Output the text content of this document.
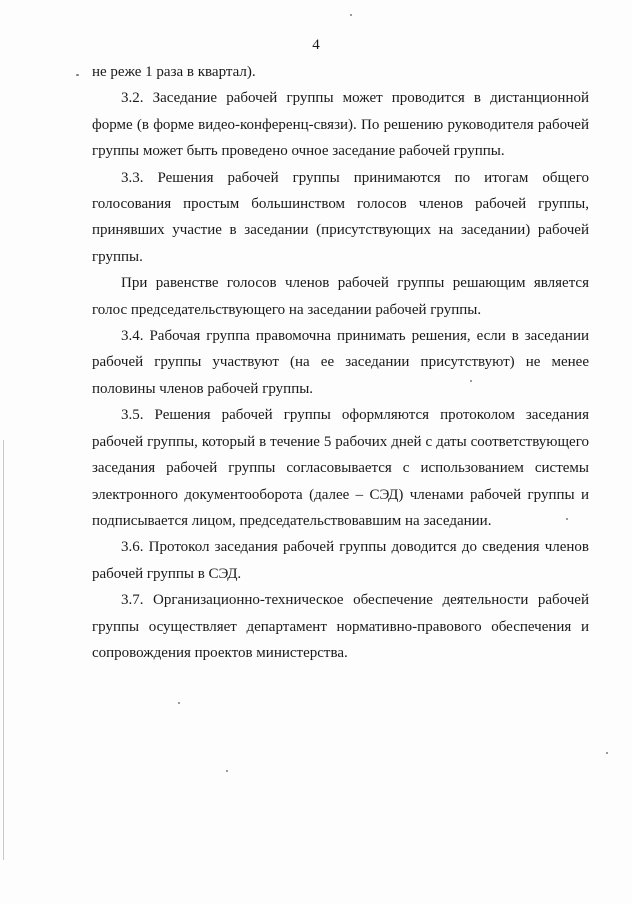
4

не реже 1 раза в квартал).

3.2. Заседание рабочей группы может проводится в дистанционной форме (в форме видео-конференц-связи). По решению руководителя рабочей группы может быть проведено очное заседание рабочей группы.

3.3. Решения рабочей группы принимаются по итогам общего голосования простым большинством голосов членов рабочей группы, принявших участие в заседании (присутствующих на заседании) рабочей группы.

При равенстве голосов членов рабочей группы решающим является голос председательствующего на заседании рабочей группы.

3.4. Рабочая группа правомочна принимать решения, если в заседании рабочей группы участвуют (на ее заседании присутствуют) не менее половины членов рабочей группы.

3.5. Решения рабочей группы оформляются протоколом заседания рабочей группы, который в течение 5 рабочих дней с даты соответствующего заседания рабочей группы согласовывается с использованием системы электронного документооборота (далее – СЭД) членами рабочей группы и подписывается лицом, председательствовавшим на заседании.

3.6. Протокол заседания рабочей группы доводится до сведения членов рабочей группы в СЭД.

3.7. Организационно-техническое обеспечение деятельности рабочей группы осуществляет департамент нормативно-правового обеспечения и сопровождения проектов министерства.
